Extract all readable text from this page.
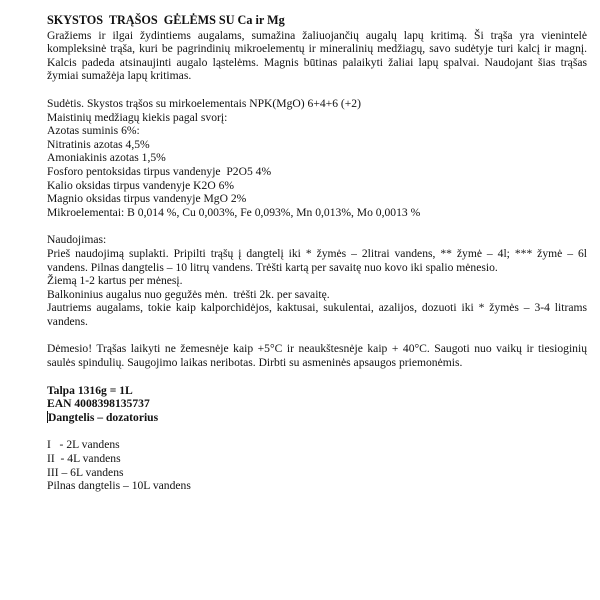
SKYSTOS  TRĄŠOS  GĖLĖMS SU Ca ir Mg

Gražiems ir ilgai žydintiems augalams, sumažina žaliuojančių augalų lapų kritimą. Ši trąša yra vienintelė kompleksinė trąša, kuri be pagrindinių mikroelementų ir mineralinių medžiagų, savo sudėtyje turi kalcį ir magnį. Kalcis padeda atsinaujinti augalo ląstelėms. Magnis būtinas palaikyti žaliai lapų spalvai. Naudojant šias trąšas žymiai sumažėja lapų kritimas.

Sudėtis. Skystos trąšos su mirkoelementais NPK(MgO) 6+4+6 (+2)

Maistinių medžiagų kiekis pagal svorį:

Azotas suminis 6%:

Nitratinis azotas 4,5%

Amoniakinis azotas 1,5%

Fosforo pentoksidas tirpus vandenyje  P2O5 4%

Kalio oksidas tirpus vandenyje K2O 6%

Magnio oksidas tirpus vandenyje MgO 2%

Mikroelementai: B 0,014 %, Cu 0,003%, Fe 0,093%, Mn 0,013%, Mo 0,0013 %

Naudojimas:

Prieš naudojimą suplakti. Pripilti trąšų į dangtelį iki * žymės – 2litrai vandens, ** žymė – 4l; *** žymė – 6l vandens. Pilnas dangtelis – 10 litrų vandens. Trėšti kartą per savaitę nuo kovo iki spalio mėnesio.

Žiemą 1-2 kartus per mėnesį.

Balkoninius augalus nuo gegužės mėn.  trėšti 2k. per savaitę.

Jautriems augalams, tokie kaip kalporchidėjos, kaktusai, sukulentai, azalijos, dozuoti iki * žymės – 3-4 litrams vandens.

Dėmesio! Trąšas laikyti ne žemesnėje kaip +5°C ir neaukštesnėje kaip + 40°C. Saugoti nuo vaikų ir tiesioginių saulės spindulių. Saugojimo laikas neribotas. Dirbti su asmeninės apsaugos priemonėmis.

Talpa 1316g = 1L

EAN 4008398135737

Dangtelis – dozatorius

I   - 2L vandens

II  - 4L vandens

III – 6L vandens

Pilnas dangtelis – 10L vandens
